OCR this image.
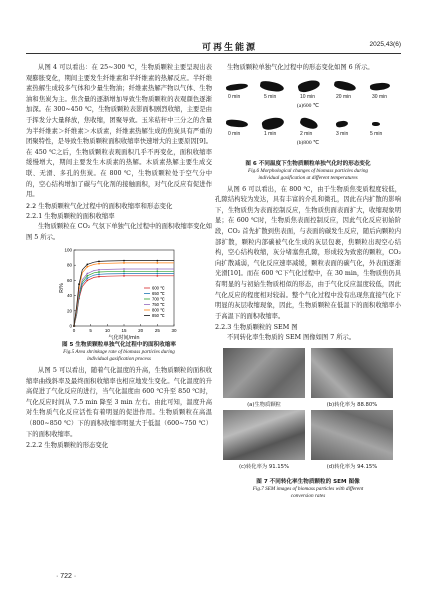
可再生能源	2025,43(6)

从图 4 可以看出：在 25~300 ℃，生物质颗粒主要呈现出表观膨胀变化，期间主要发生纤维素和半纤维素的热解反应。半纤维素热解生成较多气体和少量生物油；纤维素热解产物以气体、生物油和焦炭为主。焦含量的逐渐增加导致生物质颗粒的表观颜色逐渐加深。在 300~450 ℃，生物质颗粒表影面积剧烈收缩，主要是由于挥发分大量释放，焦收缩，团聚导致。玉米秸秆中三分之的含量为半纤维素＞纤维素＞木质素，纤维素热解生成的焦炭具有严重的团聚特性，是导致生物质颗粒面积收缩率快速增大的主要原因[9]。在 450 ℃之后，生物质颗粒表观面积几乎不再变化，面积收缩率缓慢增大，期间主要发生木质素的热解。木质素热解主要生成交联、无滑、多孔的焦炭。在 800 ℃，生物质颗粒处于空气分中的，空心结构增加了碳与气化剂的接触面积，对气化反应有促进作用。

2.2 生物质颗粒气化过程中的面积收缩率和形态变化
2.2.1 生物质颗粒的面积收缩率

生物质颗粒在 CO₂ 气氛下单独气化过程中的面积收缩率变化如图 5 所示。

0	5	10	15	20	25	30
0
20
40
60
80
100
气化时间/min
R/%	600 ℃
650 ℃
700 ℃
750 ℃
800 ℃
850 ℃
图 5 生物质颗粒单独气化过程中的面积收缩率
Fig.5 Area shrinkage rate of biomass particles during
individual gasification process

从图 5 可以看出，随着气化温度的升高，生物质颗粒的面积收缩率曲线斜率及最终面积收缩率也相应地发生变化。气化温度的升高促进了气化反应的进行，当气化温度由 600 ℃升至 850 ℃时，气化反应时间从 7.5 min 降至 3 min 左右。由此可知，温度升高对生物质气化反应活性有着明显的促进作用。生物质颗粒在高温（800~850 ℃）下的面积收缩率明显大于低温（600~750 ℃）下的面积收缩率。

2.2.2 生物质颗粒的形态变化
· 722 ·

生物质颗粒单独气化过程中的形态变化如图 6 所示。

0 min	5 min	10 min	20 min	30 min
(a)600 ℃
0 min	1 min	2 min	3 min	5 min
(b)800 ℃
图 6 不同温度下生物质颗粒单独气化时的形态变化
Fig.6 Morphological changes of biomass particles during
individual gasification at different temperatures

从图 6 可以看出，在 800 ℃，由于生物质焦变质程度较低，孔隙结构较为发达，具有丰富的介孔和微孔，因此在内扩散的影响下，生物质焦为表面控制反应，生物质焦面表面扩大，收缩现象明显；在 600 ℃时，生物质焦表面控制反应，因此气化反应初始阶段，CO₂ 首先扩散到焦表面，与表面的碳发生反应，随后向颗粒内部扩散，颗粒内部碳被气化生成的灰层包裹，焦颗粒出现空心结构，空心结构收缩，灰分堵塞焦孔隙，形成较为致密的颗粒，CO₂ 向扩散减弱，气化反应速率减缓，颗粒表面的碳气化，外表面逐渐光滑[10]。而在 600 ℃下气化过程中，在 30 min，生物质焦仍具有明显的与初始生物质相似的形态，由于气化反应温度较低，因此气化反应的程度相对较弱。整个气化过程中没有出现焦直接气化下明显的灰层收缩现象，因此，生物质颗粒在低温下的面积收缩率小于高温下的面积收缩率。

2.2.3 生物质颗粒的 SEM 图

不同转化率生物质的 SEM 图像如图 7 所示。

(a)生物质颗粒	(b)转化率为 88.80%
(c)转化率为 91.15%	(d)转化率为 94.15%
图 7 不同转化率生物质颗粒的 SEM 图像
Fig.7 SEM images of biomass particles with different
conversion rates
